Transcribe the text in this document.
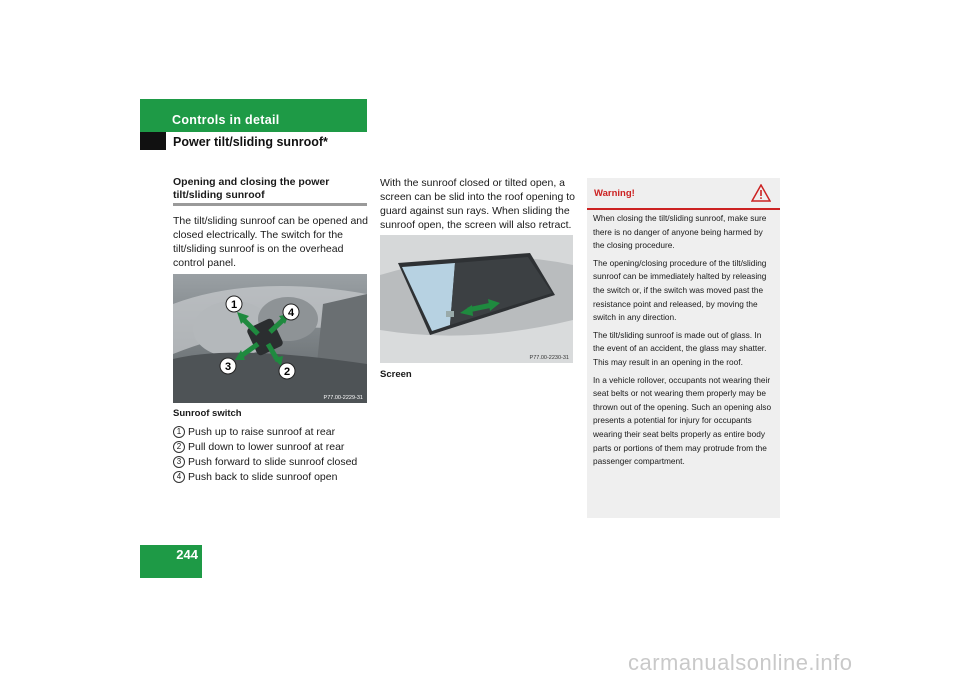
Controls in detail
Power tilt/sliding sunroof*
Opening and closing the power tilt/sliding sunroof
The tilt/sliding sunroof can be opened and closed electrically. The switch for the tilt/sliding sunroof is on the overhead control panel.
1
4
3	2
P77.00-2229-31
Sunroof switch
1 Push up to raise sunroof at rear
2 Pull down to lower sunroof at rear
3 Push forward to slide sunroof closed
4 Push back to slide sunroof open
With the sunroof closed or tilted open, a screen can be slid into the roof opening to guard against sun rays. When sliding the sunroof open, the screen will also retract.
P77.00-2230-31
Screen
Warning!

When closing the tilt/sliding sunroof, make sure there is no danger of anyone being harmed by the closing procedure.

The opening/closing procedure of the tilt/sliding sunroof can be immediately halted by releasing the switch or, if the switch was moved past the resistance point and released, by moving the switch in any direction.

The tilt/sliding sunroof is made out of glass. In the event of an accident, the glass may shatter. This may result in an opening in the roof.

In a vehicle rollover, occupants not wearing their seat belts or not wearing them properly may be thrown out of the opening. Such an opening also presents a potential for injury for occupants wearing their seat belts properly as entire body parts or portions of them may protrude from the passenger compartment.

244
carmanualsonline.info
